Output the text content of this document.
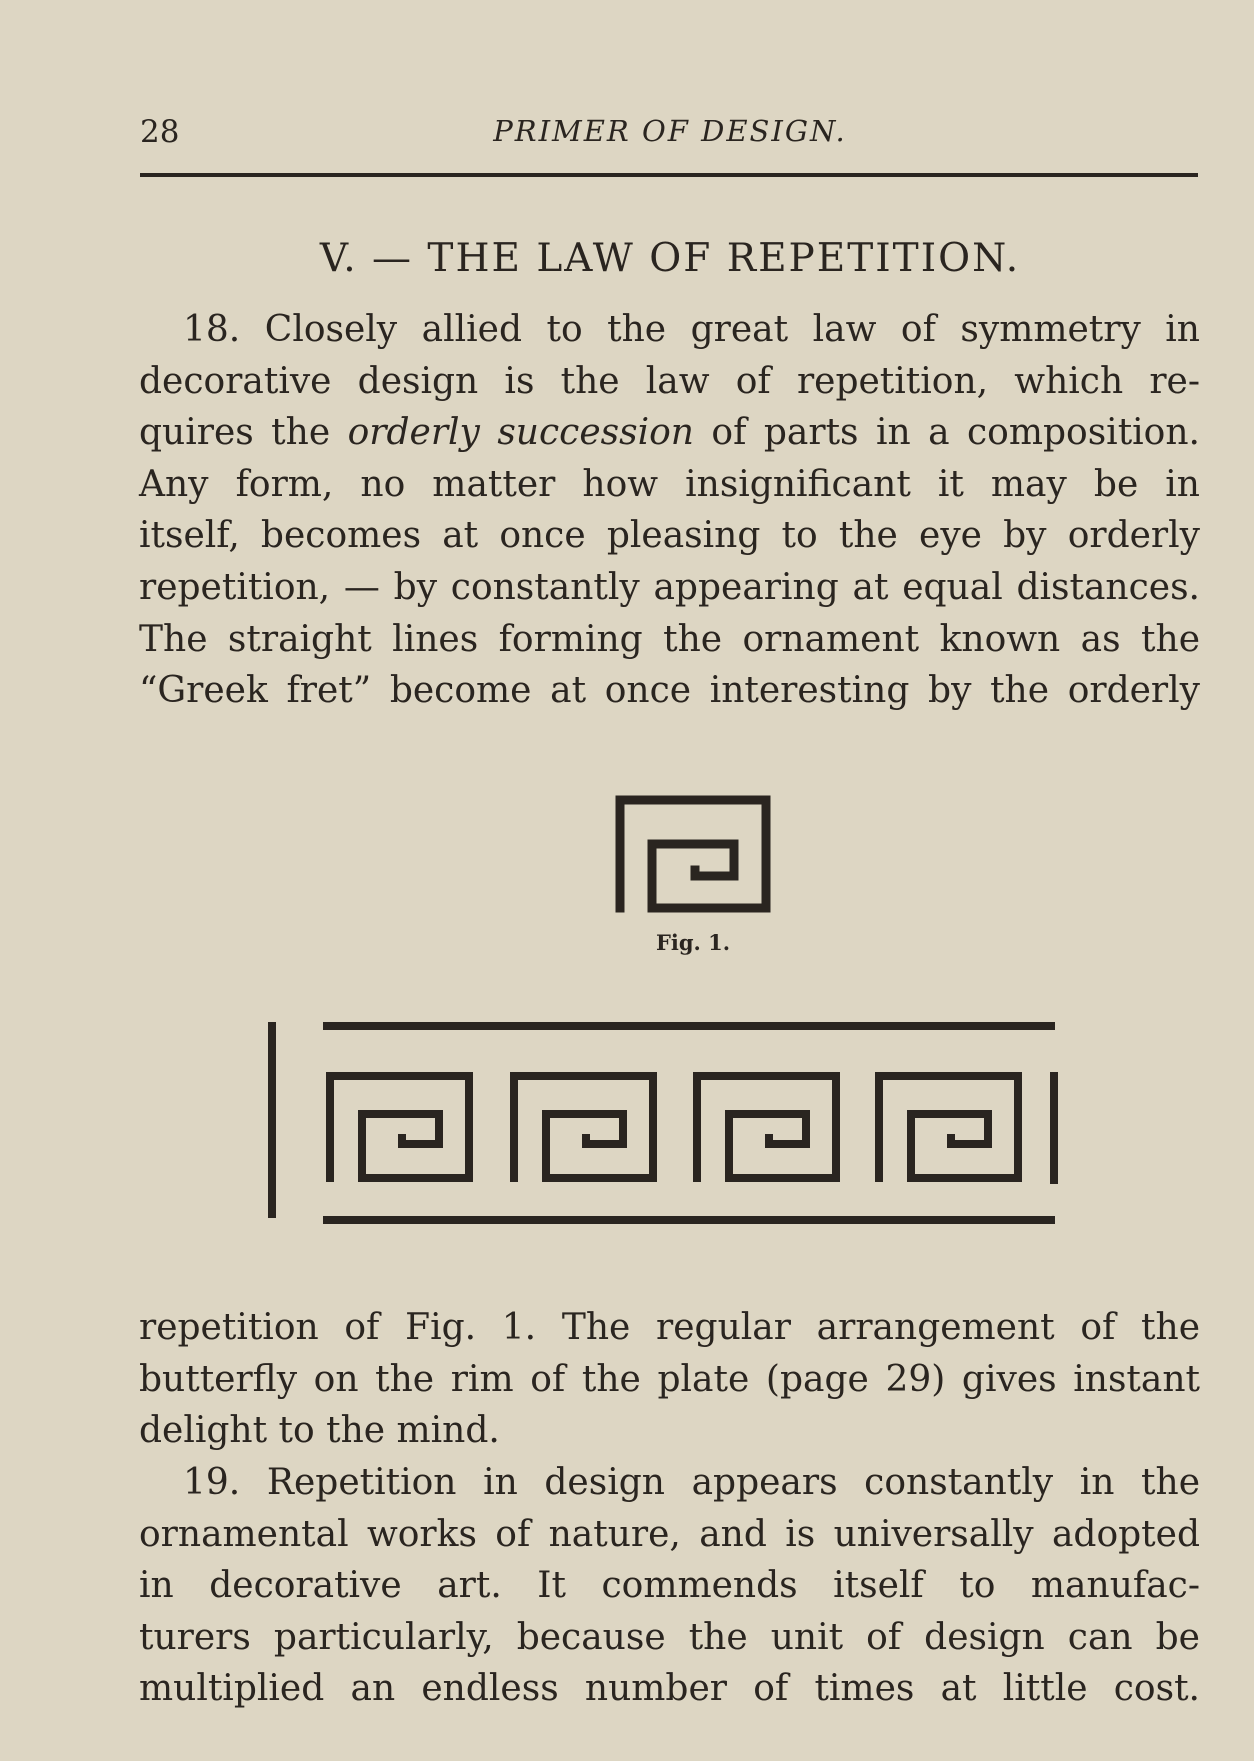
28	PRIMER OF DESIGN.
V. — THE LAW OF REPETITION.
18. Closely allied to the great law of symmetry in
decorative design is the law of repetition, which re-
quires the orderly succession of parts in a composition.
Any form, no matter how insignificant it may be in
itself, becomes at once pleasing to the eye by orderly
repetition, — by constantly appearing at equal distances.
The straight lines forming the ornament known as the
“Greek fret” become at once interesting by the orderly
Fig. 1.
repetition of Fig. 1. The regular arrangement of the
butterfly on the rim of the plate (page 29) gives instant
delight to the mind.
19. Repetition in design appears constantly in the
ornamental works of nature, and is universally adopted
in decorative art. It commends itself to manufac-
turers particularly, because the unit of design can be
multiplied an endless number of times at little cost.
